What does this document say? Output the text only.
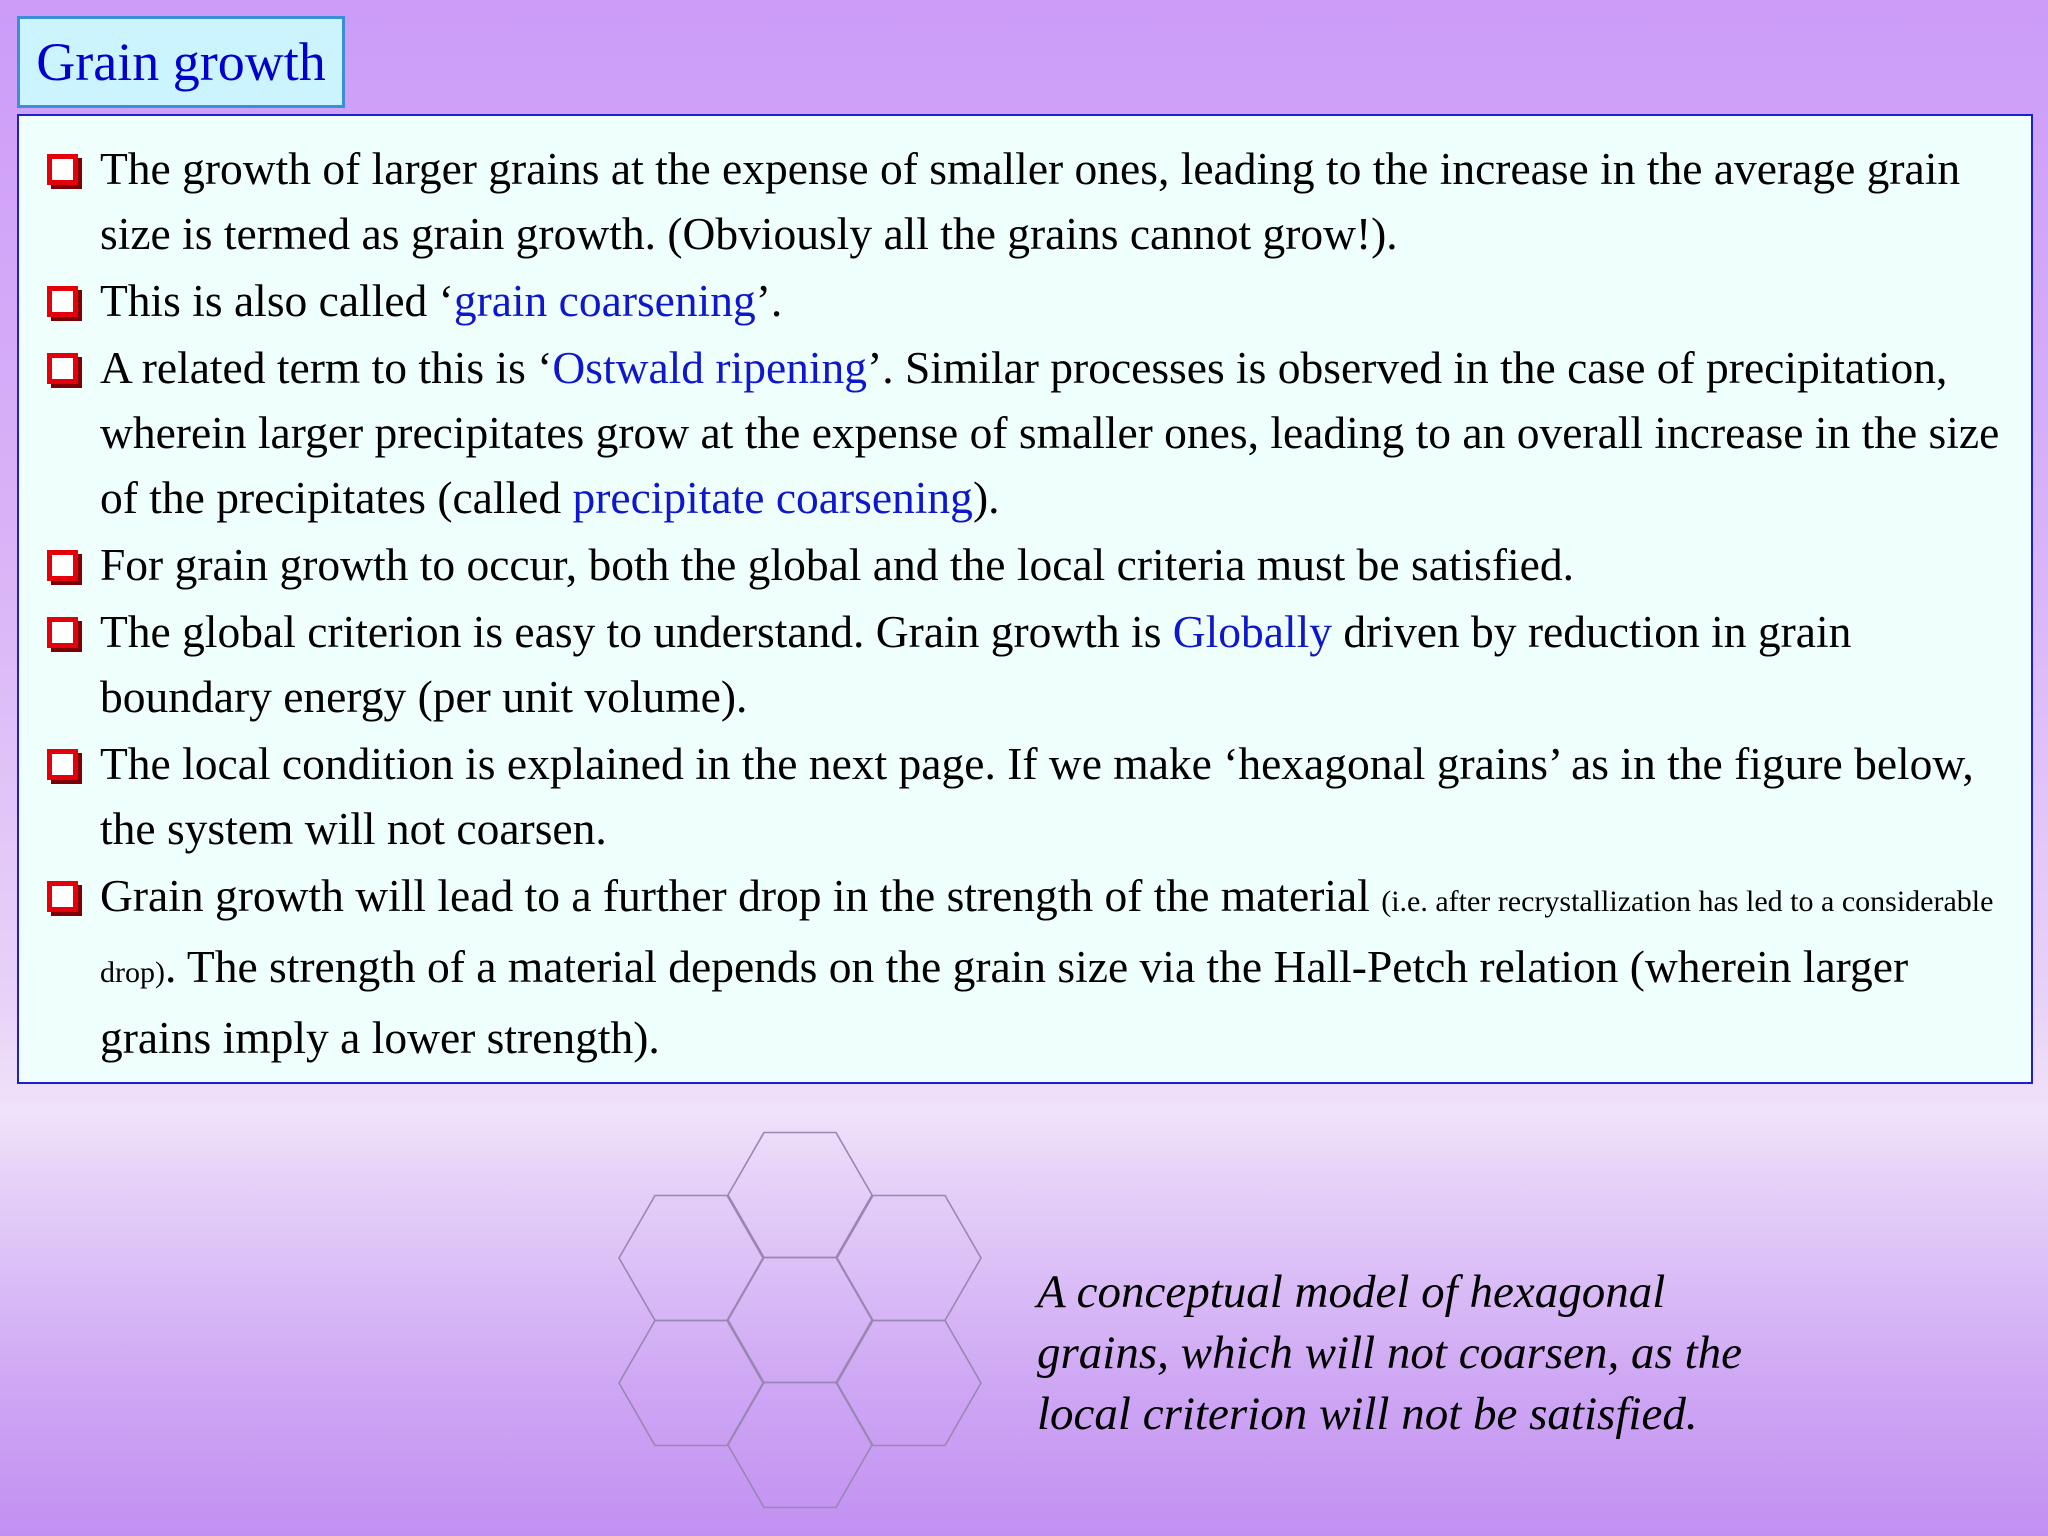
Grain growth
The growth of larger grains at the expense of smaller ones, leading to the increase in the average grain size is termed as grain growth. (Obviously all the grains cannot grow!).
This is also called ‘grain coarsening’.
A related term to this is ‘Ostwald ripening’. Similar processes is observed in the case of precipitation, wherein larger precipitates grow at the expense of smaller ones, leading to an overall increase in the size of the precipitates (called precipitate coarsening).
For grain growth to occur, both the global and the local criteria must be satisfied.
The global criterion is easy to understand. Grain growth is Globally driven by reduction in grain boundary energy (per unit volume).
The local condition is explained in the next page. If we make ‘hexagonal grains’ as in the figure below, the system will not coarsen.
Grain growth will lead to a further drop in the strength of the material (i.e. after recrystallization has led to a considerable drop). The strength of a material depends on the grain size via the Hall-Petch relation (wherein larger grains imply a lower strength).
A conceptual model of hexagonal
grains, which will not coarsen, as the
local criterion will not be satisfied.
